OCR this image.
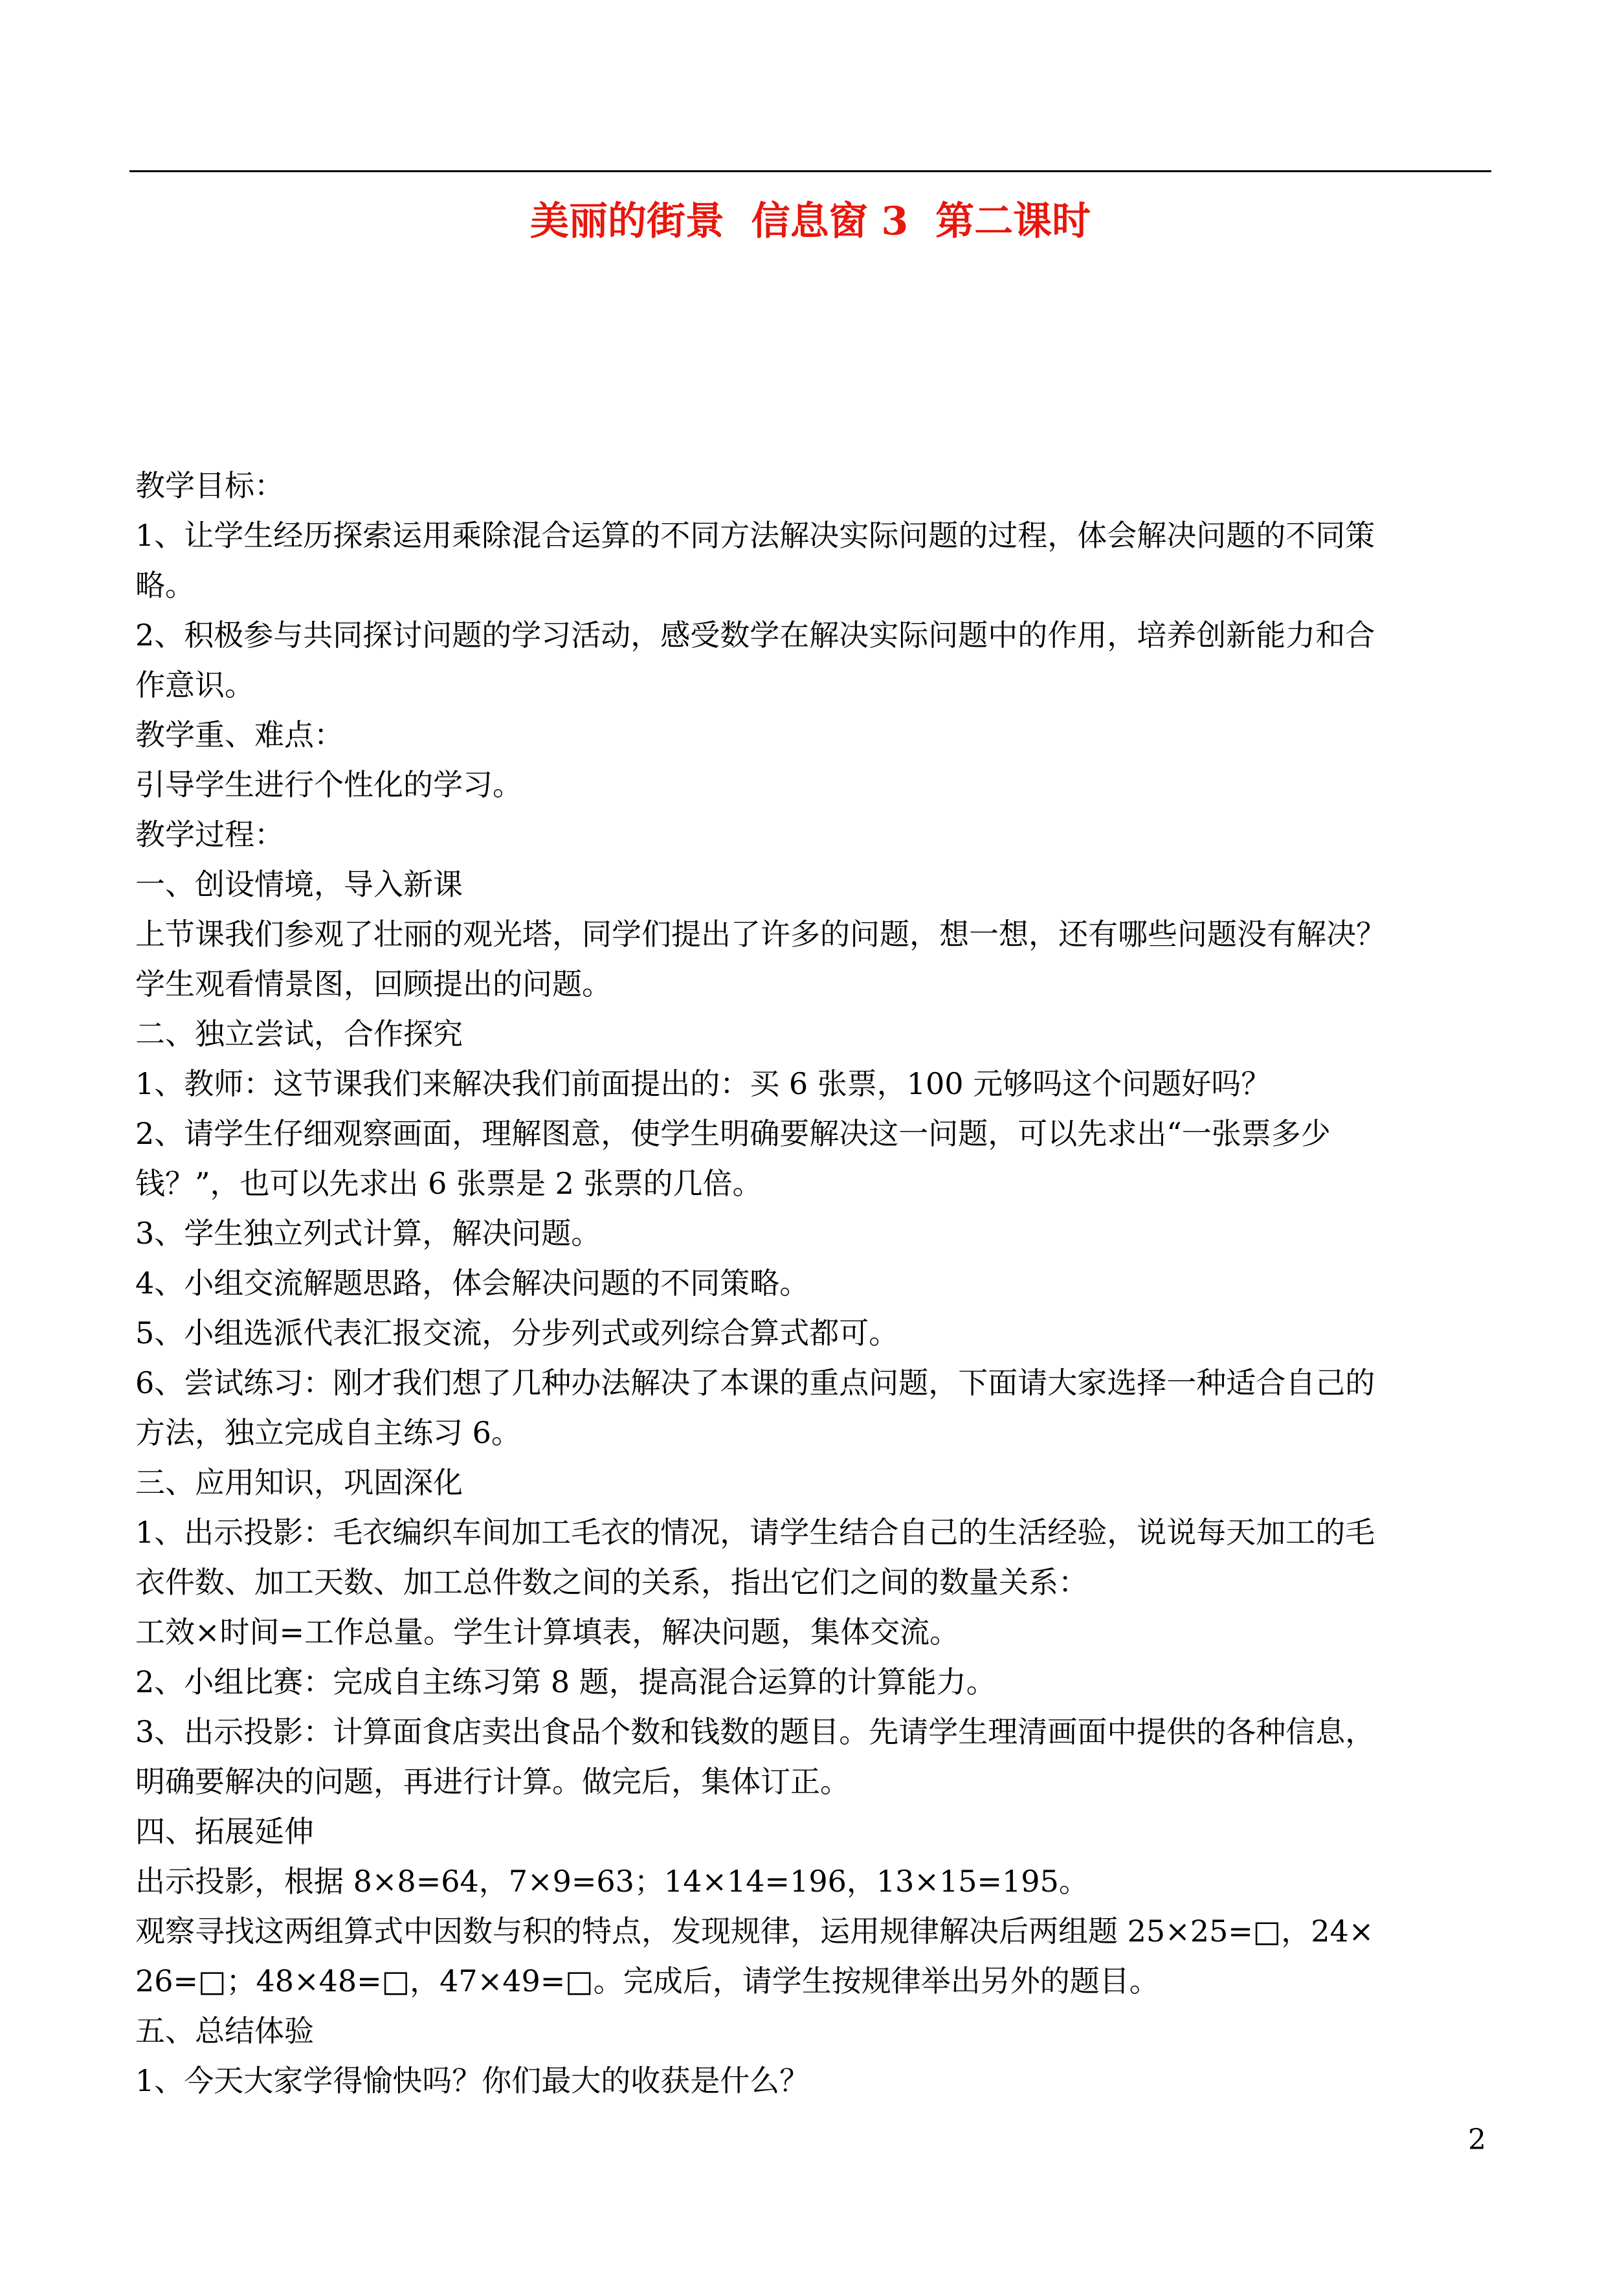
美丽的街景  信息窗 3  第二课时
教学目标：
1、让学生经历探索运用乘除混合运算的不同方法解决实际问题的过程，体会解决问题的不同策
略。
2、积极参与共同探讨问题的学习活动，感受数学在解决实际问题中的作用，培养创新能力和合
作意识。
教学重、难点：
引导学生进行个性化的学习。
教学过程：
一、创设情境，导入新课
上节课我们参观了壮丽的观光塔，同学们提出了许多的问题，想一想，还有哪些问题没有解决？
学生观看情景图，回顾提出的问题。
二、独立尝试，合作探究
1、教师：这节课我们来解决我们前面提出的：买 6 张票，100 元够吗这个问题好吗？
2、请学生仔细观察画面，理解图意，使学生明确要解决这一问题，可以先求出“一张票多少
钱？”，也可以先求出 6 张票是 2 张票的几倍。
3、学生独立列式计算，解决问题。
4、小组交流解题思路，体会解决问题的不同策略。
5、小组选派代表汇报交流，分步列式或列综合算式都可。
6、尝试练习：刚才我们想了几种办法解决了本课的重点问题，下面请大家选择一种适合自己的
方法，独立完成自主练习 6。
三、应用知识，巩固深化
1、出示投影：毛衣编织车间加工毛衣的情况，请学生结合自己的生活经验，说说每天加工的毛
衣件数、加工天数、加工总件数之间的关系，指出它们之间的数量关系：
工效×时间=工作总量。学生计算填表，解决问题，集体交流。
2、小组比赛：完成自主练习第 8 题，提高混合运算的计算能力。
3、出示投影：计算面食店卖出食品个数和钱数的题目。先请学生理清画面中提供的各种信息，
明确要解决的问题，再进行计算。做完后，集体订正。
四、拓展延伸
出示投影，根据 8×8=64，7×9=63；14×14=196，13×15=195。
观察寻找这两组算式中因数与积的特点，发现规律，运用规律解决后两组题 25×25=□，24×
26=□；48×48=□，47×49=□。完成后，请学生按规律举出另外的题目。
五、总结体验
1、今天大家学得愉快吗？你们最大的收获是什么？
2
